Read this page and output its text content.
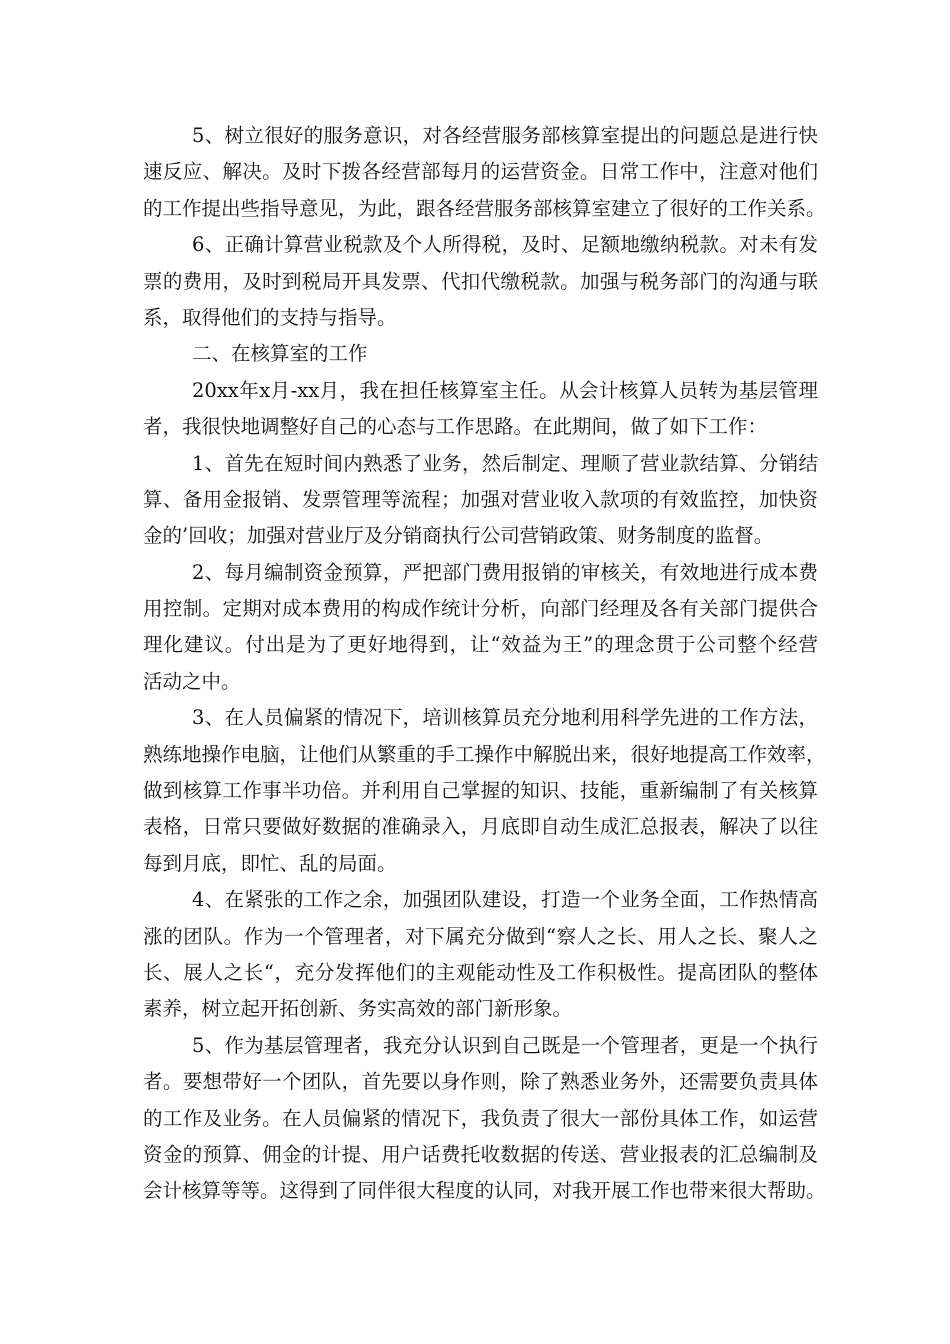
5、树立很好的服务意识，对各经营服务部核算室提出的问题总是进行快

速反应、解决。及时下拨各经营部每月的运营资金。日常工作中，注意对他们

的工作提出些指导意见，为此，跟各经营服务部核算室建立了很好的工作关系。

6、正确计算营业税款及个人所得税，及时、足额地缴纳税款。对未有发

票的费用，及时到税局开具发票、代扣代缴税款。加强与税务部门的沟通与联

系，取得他们的支持与指导。

二、在核算室的工作

20xx年x月-xx月，我在担任核算室主任。从会计核算人员转为基层管理

者，我很快地调整好自己的心态与工作思路。在此期间，做了如下工作：

1、首先在短时间内熟悉了业务，然后制定、理顺了营业款结算、分销结

算、备用金报销、发票管理等流程；加强对营业收入款项的有效监控，加快资

金的’回收；加强对营业厅及分销商执行公司营销政策、财务制度的监督。

2、每月编制资金预算，严把部门费用报销的审核关，有效地进行成本费

用控制。定期对成本费用的构成作统计分析，向部门经理及各有关部门提供合

理化建议。付出是为了更好地得到，让“效益为王”的理念贯于公司整个经营

活动之中。

3、在人员偏紧的情况下，培训核算员充分地利用科学先进的工作方法，

熟练地操作电脑，让他们从繁重的手工操作中解脱出来，很好地提高工作效率，

做到核算工作事半功倍。并利用自己掌握的知识、技能，重新编制了有关核算

表格，日常只要做好数据的准确录入，月底即自动生成汇总报表，解决了以往

每到月底，即忙、乱的局面。

4、在紧张的工作之余，加强团队建设，打造一个业务全面，工作热情高

涨的团队。作为一个管理者，对下属充分做到“察人之长、用人之长、聚人之

长、展人之长“，充分发挥他们的主观能动性及工作积极性。提高团队的整体

素养，树立起开拓创新、务实高效的部门新形象。

5、作为基层管理者，我充分认识到自己既是一个管理者，更是一个执行

者。要想带好一个团队，首先要以身作则，除了熟悉业务外，还需要负责具体

的工作及业务。在人员偏紧的情况下，我负责了很大一部份具体工作，如运营

资金的预算、佣金的计提、用户话费托收数据的传送、营业报表的汇总编制及

会计核算等等。这得到了同伴很大程度的认同，对我开展工作也带来很大帮助。
